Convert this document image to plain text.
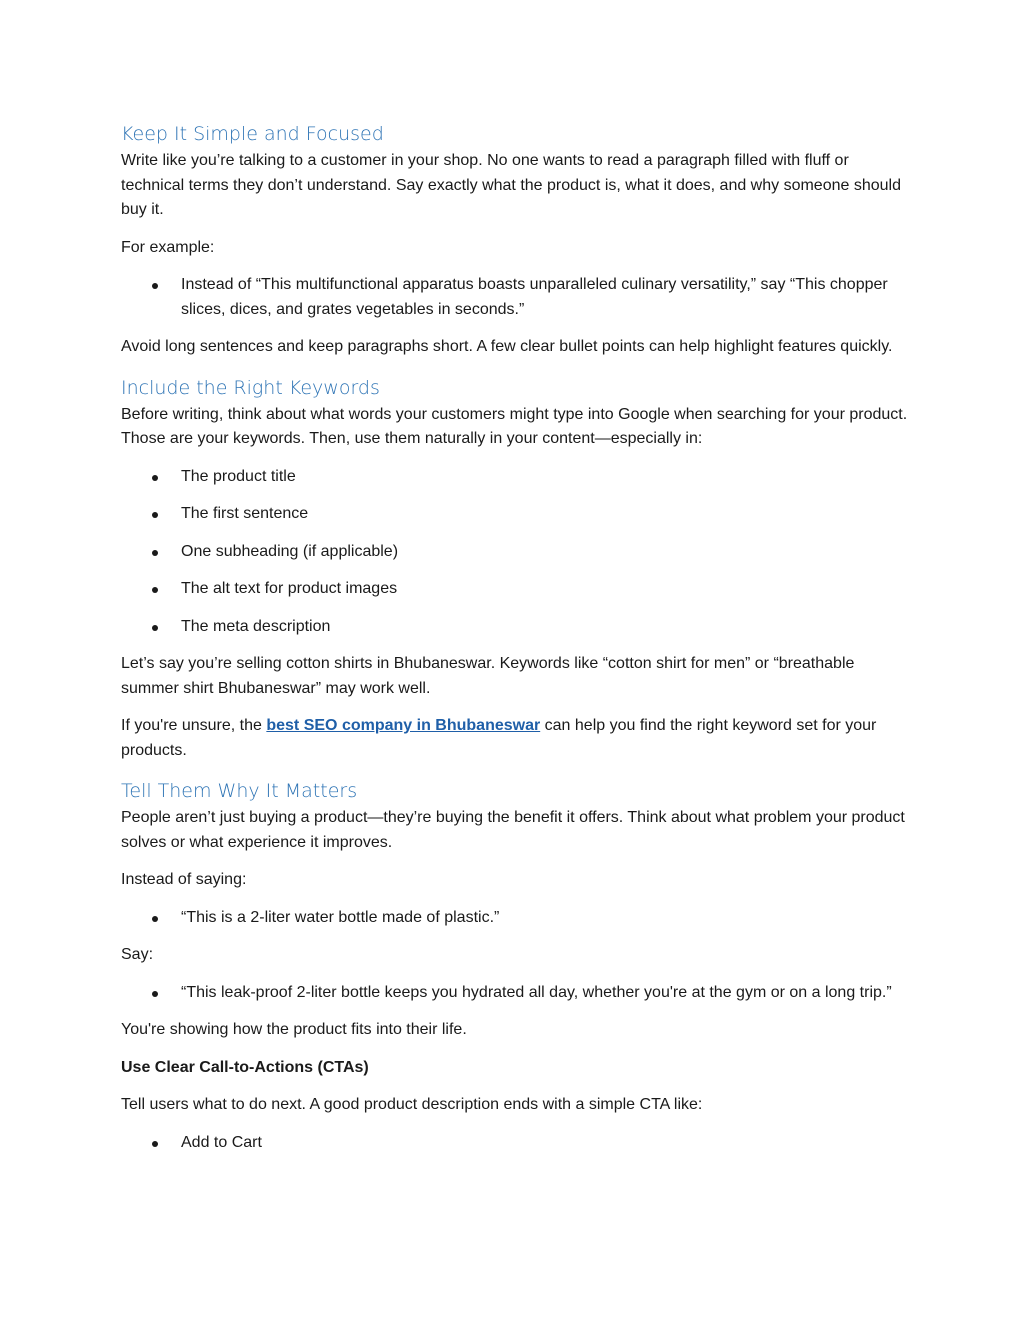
Keep It Simple and Focused

Write like you’re talking to a customer in your shop. No one wants to read a paragraph filled with fluff or technical terms they don’t understand. Say exactly what the product is, what it does, and why someone should buy it.

For example:

Instead of “This multifunctional apparatus boasts unparalleled culinary versatility,” say “This chopper slices, dices, and grates vegetables in seconds.”

Avoid long sentences and keep paragraphs short. A few clear bullet points can help highlight features quickly.

Include the Right Keywords

Before writing, think about what words your customers might type into Google when searching for your product. Those are your keywords. Then, use them naturally in your content—especially in:

The product title
The first sentence
One subheading (if applicable)
The alt text for product images
The meta description

Let’s say you’re selling cotton shirts in Bhubaneswar. Keywords like “cotton shirt for men” or “breathable summer shirt Bhubaneswar” may work well.

If you're unsure, the best SEO company in Bhubaneswar can help you find the right keyword set for your products.

Tell Them Why It Matters

People aren’t just buying a product—they’re buying the benefit it offers. Think about what problem your product solves or what experience it improves.

Instead of saying:

“This is a 2-liter water bottle made of plastic.”

Say:

“This leak-proof 2-liter bottle keeps you hydrated all day, whether you're at the gym or on a long trip.”

You're showing how the product fits into their life.

Use Clear Call-to-Actions (CTAs)

Tell users what to do next. A good product description ends with a simple CTA like:

Add to Cart
